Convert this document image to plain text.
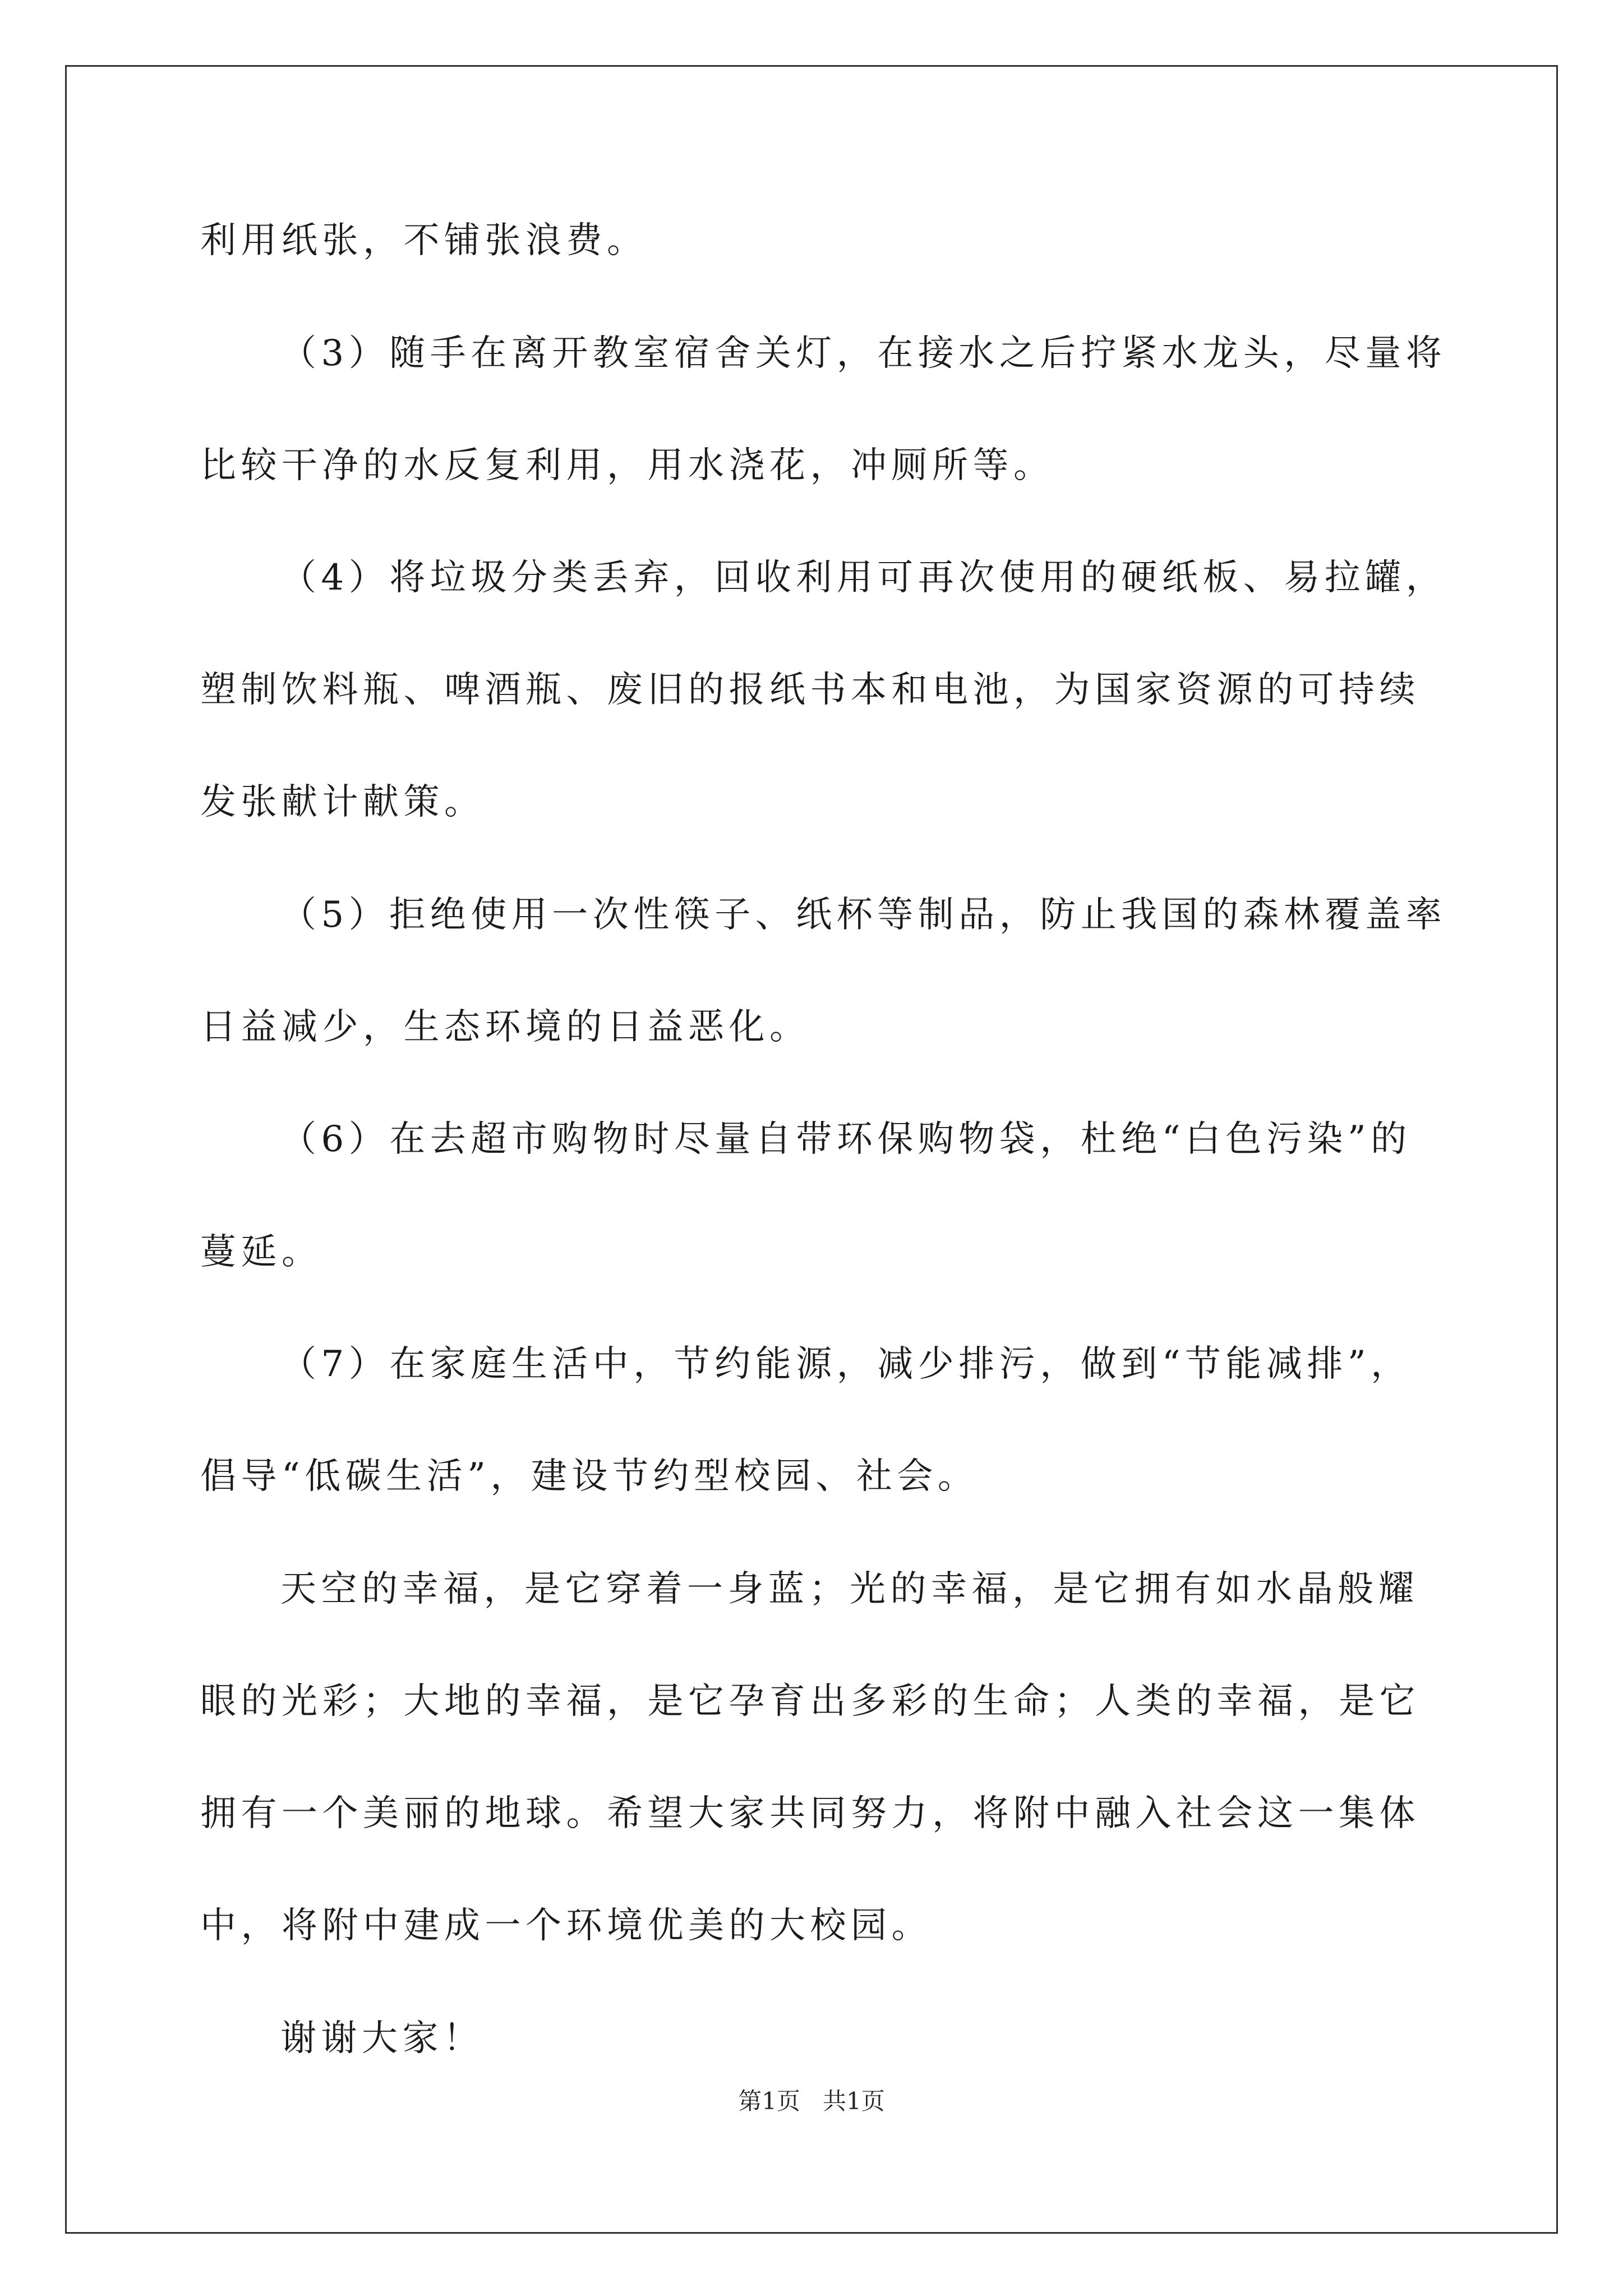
利用纸张，不铺张浪费。

（3）随手在离开教室宿舍关灯，在接水之后拧紧水龙头，尽量将

比较干净的水反复利用，用水浇花，冲厕所等。

（4）将垃圾分类丢弃，回收利用可再次使用的硬纸板、易拉罐，

塑制饮料瓶、啤酒瓶、废旧的报纸书本和电池，为国家资源的可持续

发张献计献策。

（5）拒绝使用一次性筷子、纸杯等制品，防止我国的森林覆盖率

日益减少，生态环境的日益恶化。

（6）在去超市购物时尽量自带环保购物袋，杜绝“白色污染”的

蔓延。

（7）在家庭生活中，节约能源，减少排污，做到“节能减排”，

倡导“低碳生活”，建设节约型校园、社会。

天空的幸福，是它穿着一身蓝；光的幸福，是它拥有如水晶般耀

眼的光彩；大地的幸福，是它孕育出多彩的生命；人类的幸福，是它

拥有一个美丽的地球。希望大家共同努力，将附中融入社会这一集体

中，将附中建成一个环境优美的大校园。

谢谢大家！

第1页   共1页
